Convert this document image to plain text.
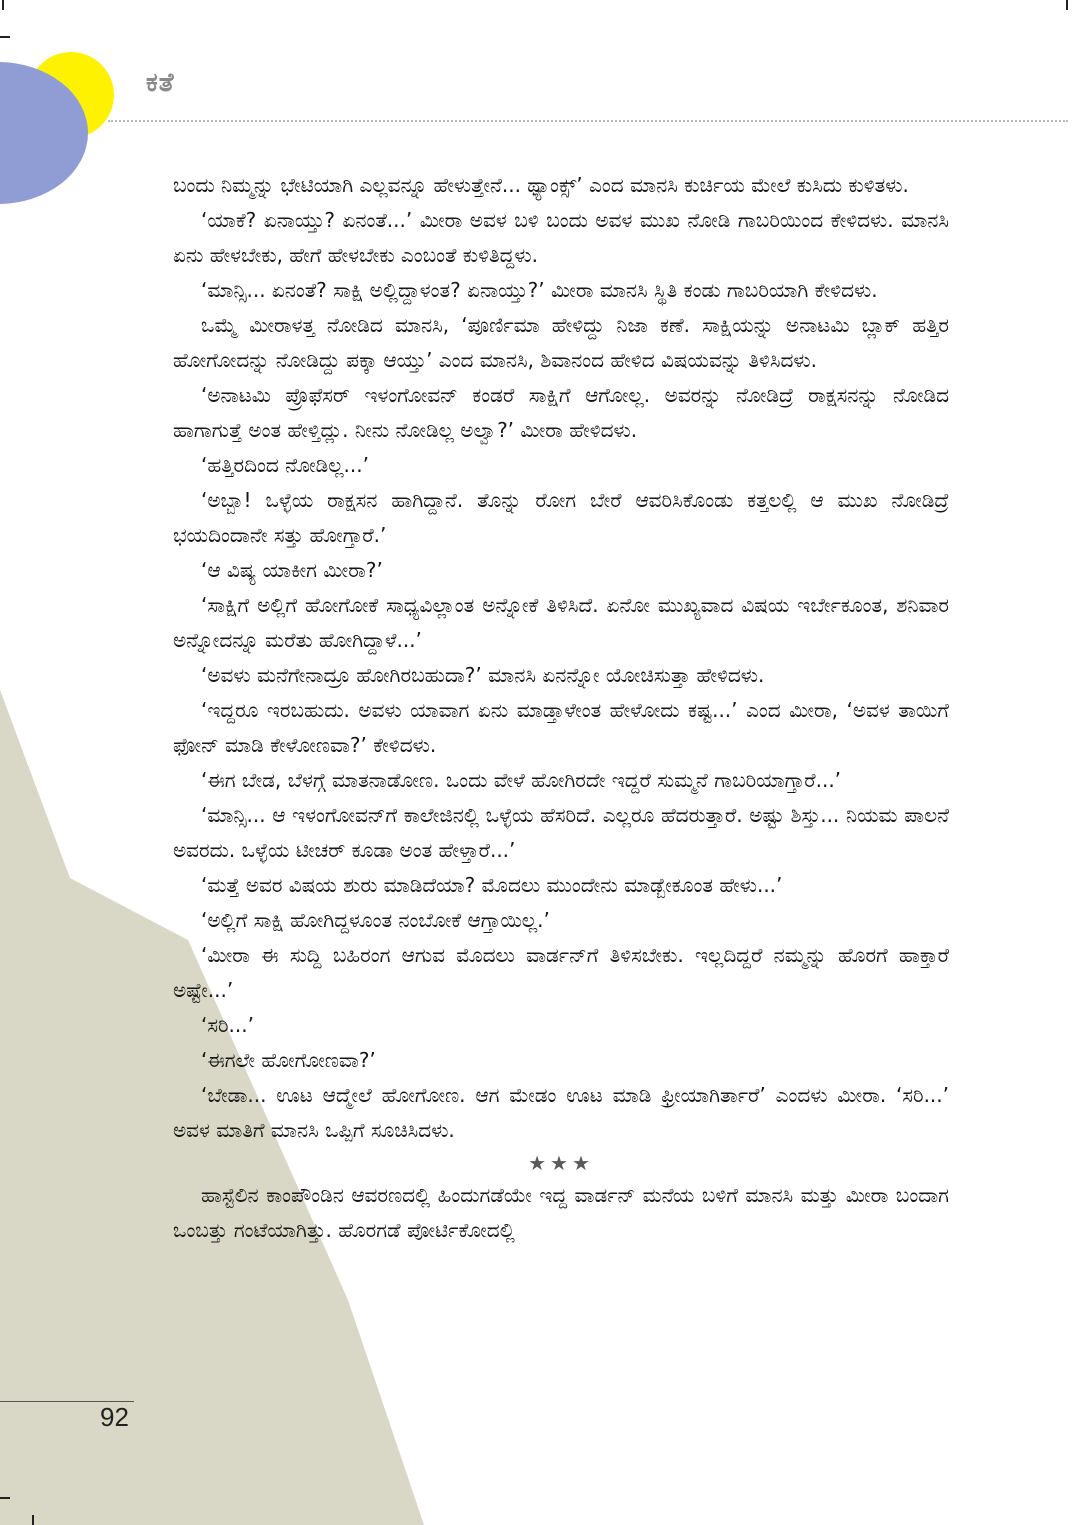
ಕತೆ

ಬಂದು ನಿಮ್ಮನ್ನು ಭೇಟಿಯಾಗಿ ಎಲ್ಲವನ್ನೂ ಹೇಳುತ್ತೇನೆ... ಥ್ಯಾಂಕ್ಸ್’ ಎಂದ ಮಾನಸಿ ಕುರ್ಚಿಯ ಮೇಲೆ ಕುಸಿದು ಕುಳಿತಳು.

‘ಯಾಕೆ? ಏನಾಯ್ತು? ಏನಂತೆ...’ ಮೀರಾ ಅವಳ ಬಳಿ ಬಂದು ಅವಳ ಮುಖ ನೋಡಿ ಗಾಬರಿಯಿಂದ ಕೇಳಿದಳು. ಮಾನಸಿ ಏನು ಹೇಳಬೇಕು, ಹೇಗೆ ಹೇಳಬೇಕು ಎಂಬಂತೆ ಕುಳಿತಿದ್ದಳು.

‘ಮಾನ್ಸಿ... ಏನಂತೆ? ಸಾಕ್ಷಿ ಅಲ್ಲಿದ್ದಾಳಂತ? ಏನಾಯ್ತು?’ ಮೀರಾ ಮಾನಸಿ ಸ್ಥಿತಿ ಕಂಡು ಗಾಬರಿಯಾಗಿ ಕೇಳಿದಳು.

ಒಮ್ಮೆ ಮೀರಾಳತ್ತ ನೋಡಿದ ಮಾನಸಿ, ‘ಪೂರ್ಣಿಮಾ ಹೇಳಿದ್ದು ನಿಜಾ ಕಣೆ. ಸಾಕ್ಷಿಯನ್ನು ಅನಾಟಮಿ ಬ್ಲಾಕ್ ಹತ್ತಿರ ಹೋಗೋದನ್ನು ನೋಡಿದ್ದು ಪಕ್ಕಾ ಆಯ್ತು’ ಎಂದ ಮಾನಸಿ, ಶಿವಾನಂದ ಹೇಳಿದ ವಿಷಯವನ್ನು ತಿಳಿಸಿದಳು.

‘ಅನಾಟಮಿ ಪ್ರೊಫೆಸರ್ ಇಳಂಗೋವನ್ ಕಂಡರೆ ಸಾಕ್ಷಿಗೆ ಆಗೋಲ್ಲ. ಅವರನ್ನು ನೋಡಿದ್ರೆ ರಾಕ್ಷಸನನ್ನು ನೋಡಿದ ಹಾಗಾಗುತ್ತೆ ಅಂತ ಹೇಳ್ತಿದ್ಲು. ನೀನು ನೋಡಿಲ್ಲ ಅಲ್ವಾ?’ ಮೀರಾ ಹೇಳಿದಳು.

‘ಹತ್ತಿರದಿಂದ ನೋಡಿಲ್ಲ...’

‘ಅಬ್ಬಾ! ಒಳ್ಳೆಯ ರಾಕ್ಷಸನ ಹಾಗಿದ್ದಾನೆ. ತೊನ್ನು ರೋಗ ಬೇರೆ ಆವರಿಸಿಕೊಂಡು ಕತ್ತಲಲ್ಲಿ ಆ ಮುಖ ನೋಡಿದ್ರೆ ಭಯದಿಂದಾನೇ ಸತ್ತು ಹೋಗ್ತಾರೆ.’

‘ಆ ವಿಷ್ಯ ಯಾಕೀಗ ಮೀರಾ?’

‘ಸಾಕ್ಷಿಗೆ ಅಲ್ಲಿಗೆ ಹೋಗೋಕೆ ಸಾಧ್ಯವಿಲ್ಲಾಂತ ಅನ್ನೋಕೆ ತಿಳಿಸಿದೆ. ಏನೋ ಮುಖ್ಯವಾದ ವಿಷಯ ಇರ್ಬೇಕೂಂತ, ಶನಿವಾರ ಅನ್ನೋದನ್ನೂ ಮರೆತು ಹೋಗಿದ್ದಾಳೆ...’

‘ಅವಳು ಮನೆಗೇನಾದ್ರೂ ಹೋಗಿರಬಹುದಾ?’ ಮಾನಸಿ ಏನನ್ನೋ ಯೋಚಿಸುತ್ತಾ ಹೇಳಿದಳು.

‘ಇದ್ದರೂ ಇರಬಹುದು. ಅವಳು ಯಾವಾಗ ಏನು ಮಾಡ್ತಾಳೇಂತ ಹೇಳೋದು ಕಷ್ಟ...’ ಎಂದ ಮೀರಾ, ‘ಅವಳ ತಾಯಿಗೆ ಫೋನ್ ಮಾಡಿ ಕೇಳೋಣವಾ?’ ಕೇಳಿದಳು.

‘ಈಗ ಬೇಡ, ಬೆಳಗ್ಗೆ ಮಾತನಾಡೋಣ. ಒಂದು ವೇಳೆ ಹೋಗಿರದೇ ಇದ್ದರೆ ಸುಮ್ಮನೆ ಗಾಬರಿಯಾಗ್ತಾರೆ...’

‘ಮಾನ್ಸಿ... ಆ ಇಳಂಗೋವನ್‌ಗೆ ಕಾಲೇಜಿನಲ್ಲಿ ಒಳ್ಳೆಯ ಹೆಸರಿದೆ. ಎಲ್ಲರೂ ಹೆದರುತ್ತಾರೆ. ಅಷ್ಟು ಶಿಸ್ತು... ನಿಯಮ ಪಾಲನೆ ಅವರದು. ಒಳ್ಳೆಯ ಟೀಚರ್ ಕೂಡಾ ಅಂತ ಹೇಳ್ತಾರೆ...’

‘ಮತ್ತೆ ಅವರ ವಿಷಯ ಶುರು ಮಾಡಿದೆಯಾ? ಮೊದಲು ಮುಂದೇನು ಮಾಡ್ಬೇಕೂಂತ ಹೇಳು...’

‘ಅಲ್ಲಿಗೆ ಸಾಕ್ಷಿ ಹೋಗಿದ್ದಳೂಂತ ನಂಬೋಕೆ ಆಗ್ತಾಯಿಲ್ಲ.’

‘ಮೀರಾ ಈ ಸುದ್ದಿ ಬಹಿರಂಗ ಆಗುವ ಮೊದಲು ವಾರ್ಡನ್‌ಗೆ ತಿಳಿಸಬೇಕು. ಇಲ್ಲದಿದ್ದರೆ ನಮ್ಮನ್ನು ಹೊರಗೆ ಹಾಕ್ತಾರೆ ಅಷ್ಟೇ...’

‘ಸರಿ...’

‘ಈಗಲೇ ಹೋಗೋಣವಾ?’

‘ಬೇಡಾ... ಊಟ ಆದ್ಮೇಲೆ ಹೋಗೋಣ. ಆಗ ಮೇಡಂ ಊಟ ಮಾಡಿ ಫ್ರೀಯಾಗಿರ್ತಾರೆ’ ಎಂದಳು ಮೀರಾ. ‘ಸರಿ...’ ಅವಳ ಮಾತಿಗೆ ಮಾನಸಿ ಒಪ್ಪಿಗೆ ಸೂಚಿಸಿದಳು.

★★★

ಹಾಸ್ಟೆಲಿನ ಕಾಂಪೌಂಡಿನ ಆವರಣದಲ್ಲಿ ಹಿಂದುಗಡೆಯೇ ಇದ್ದ ವಾರ್ಡನ್ ಮನೆಯ ಬಳಿಗೆ ಮಾನಸಿ ಮತ್ತು ಮೀರಾ ಬಂದಾಗ ಒಂಬತ್ತು ಗಂಟೆಯಾಗಿತ್ತು. ಹೊರಗಡೆ ಪೋರ್ಟಿಕೋದಲ್ಲಿ

92
